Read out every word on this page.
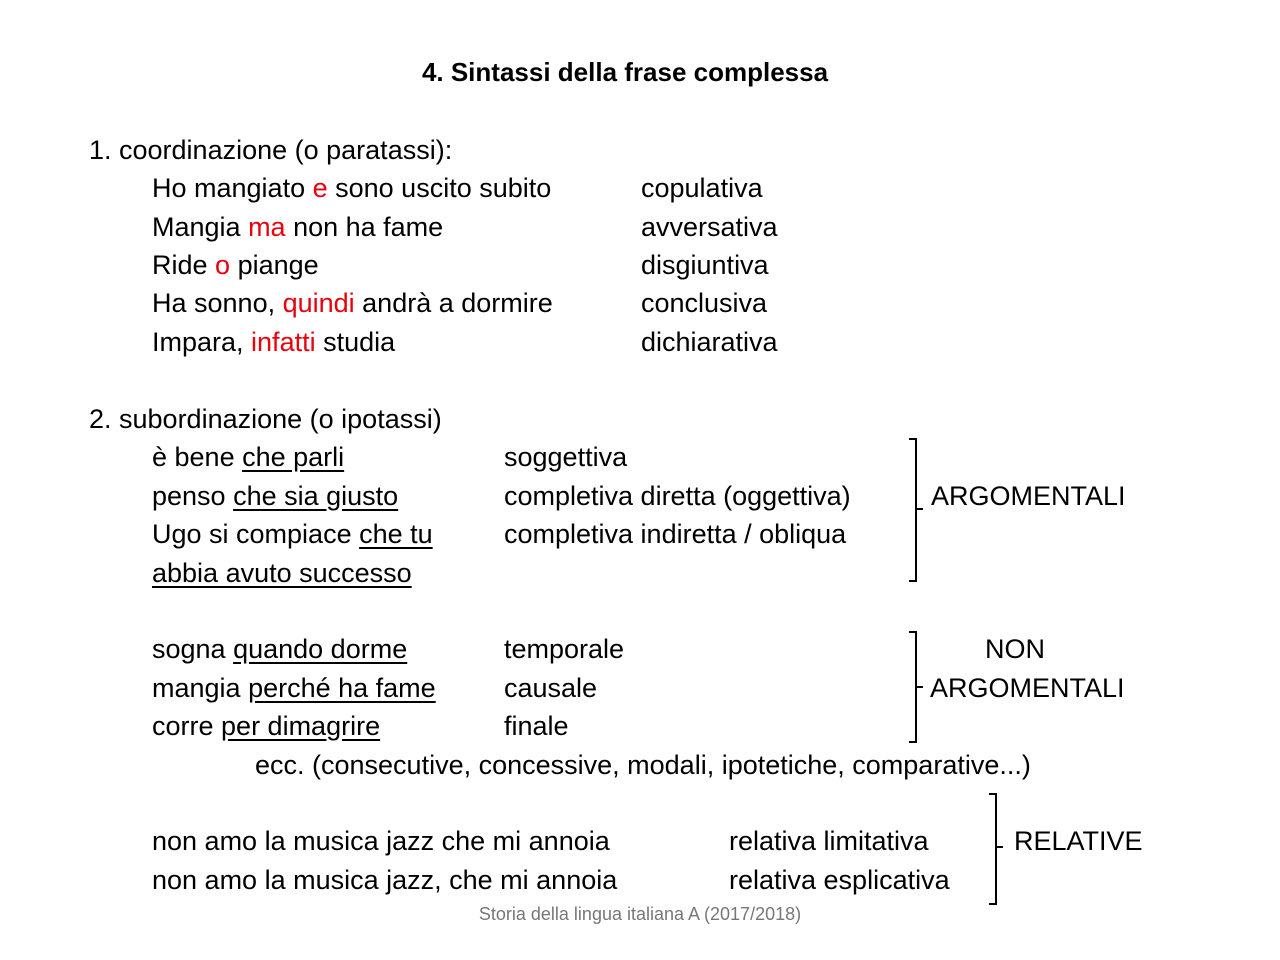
4. Sintassi della frase complessa
1. coordinazione (o paratassi):
Ho mangiato e sono uscito subito	copulativa
Mangia ma non ha fame	avversativa
Ride o piange	disgiuntiva
Ha sonno, quindi andrà a dormire	conclusiva
Impara, infatti studia	dichiarativa
2. subordinazione (o ipotassi)
è bene che parli	soggettiva
penso che sia giusto	completiva diretta (oggettiva)
Ugo si compiace che tu	completiva indiretta / obliqua
abbia avuto successo
ARGOMENTALI
sogna quando dorme	temporale
mangia perché ha fame	causale
corre per dimagrire	finale
NON
ARGOMENTALI
ecc. (consecutive, concessive, modali, ipotetiche, comparative...)
non amo la musica jazz che mi annoia	relativa limitativa
non amo la musica jazz, che mi annoia	relativa esplicativa
RELATIVE
Storia della lingua italiana A (2017/2018)
